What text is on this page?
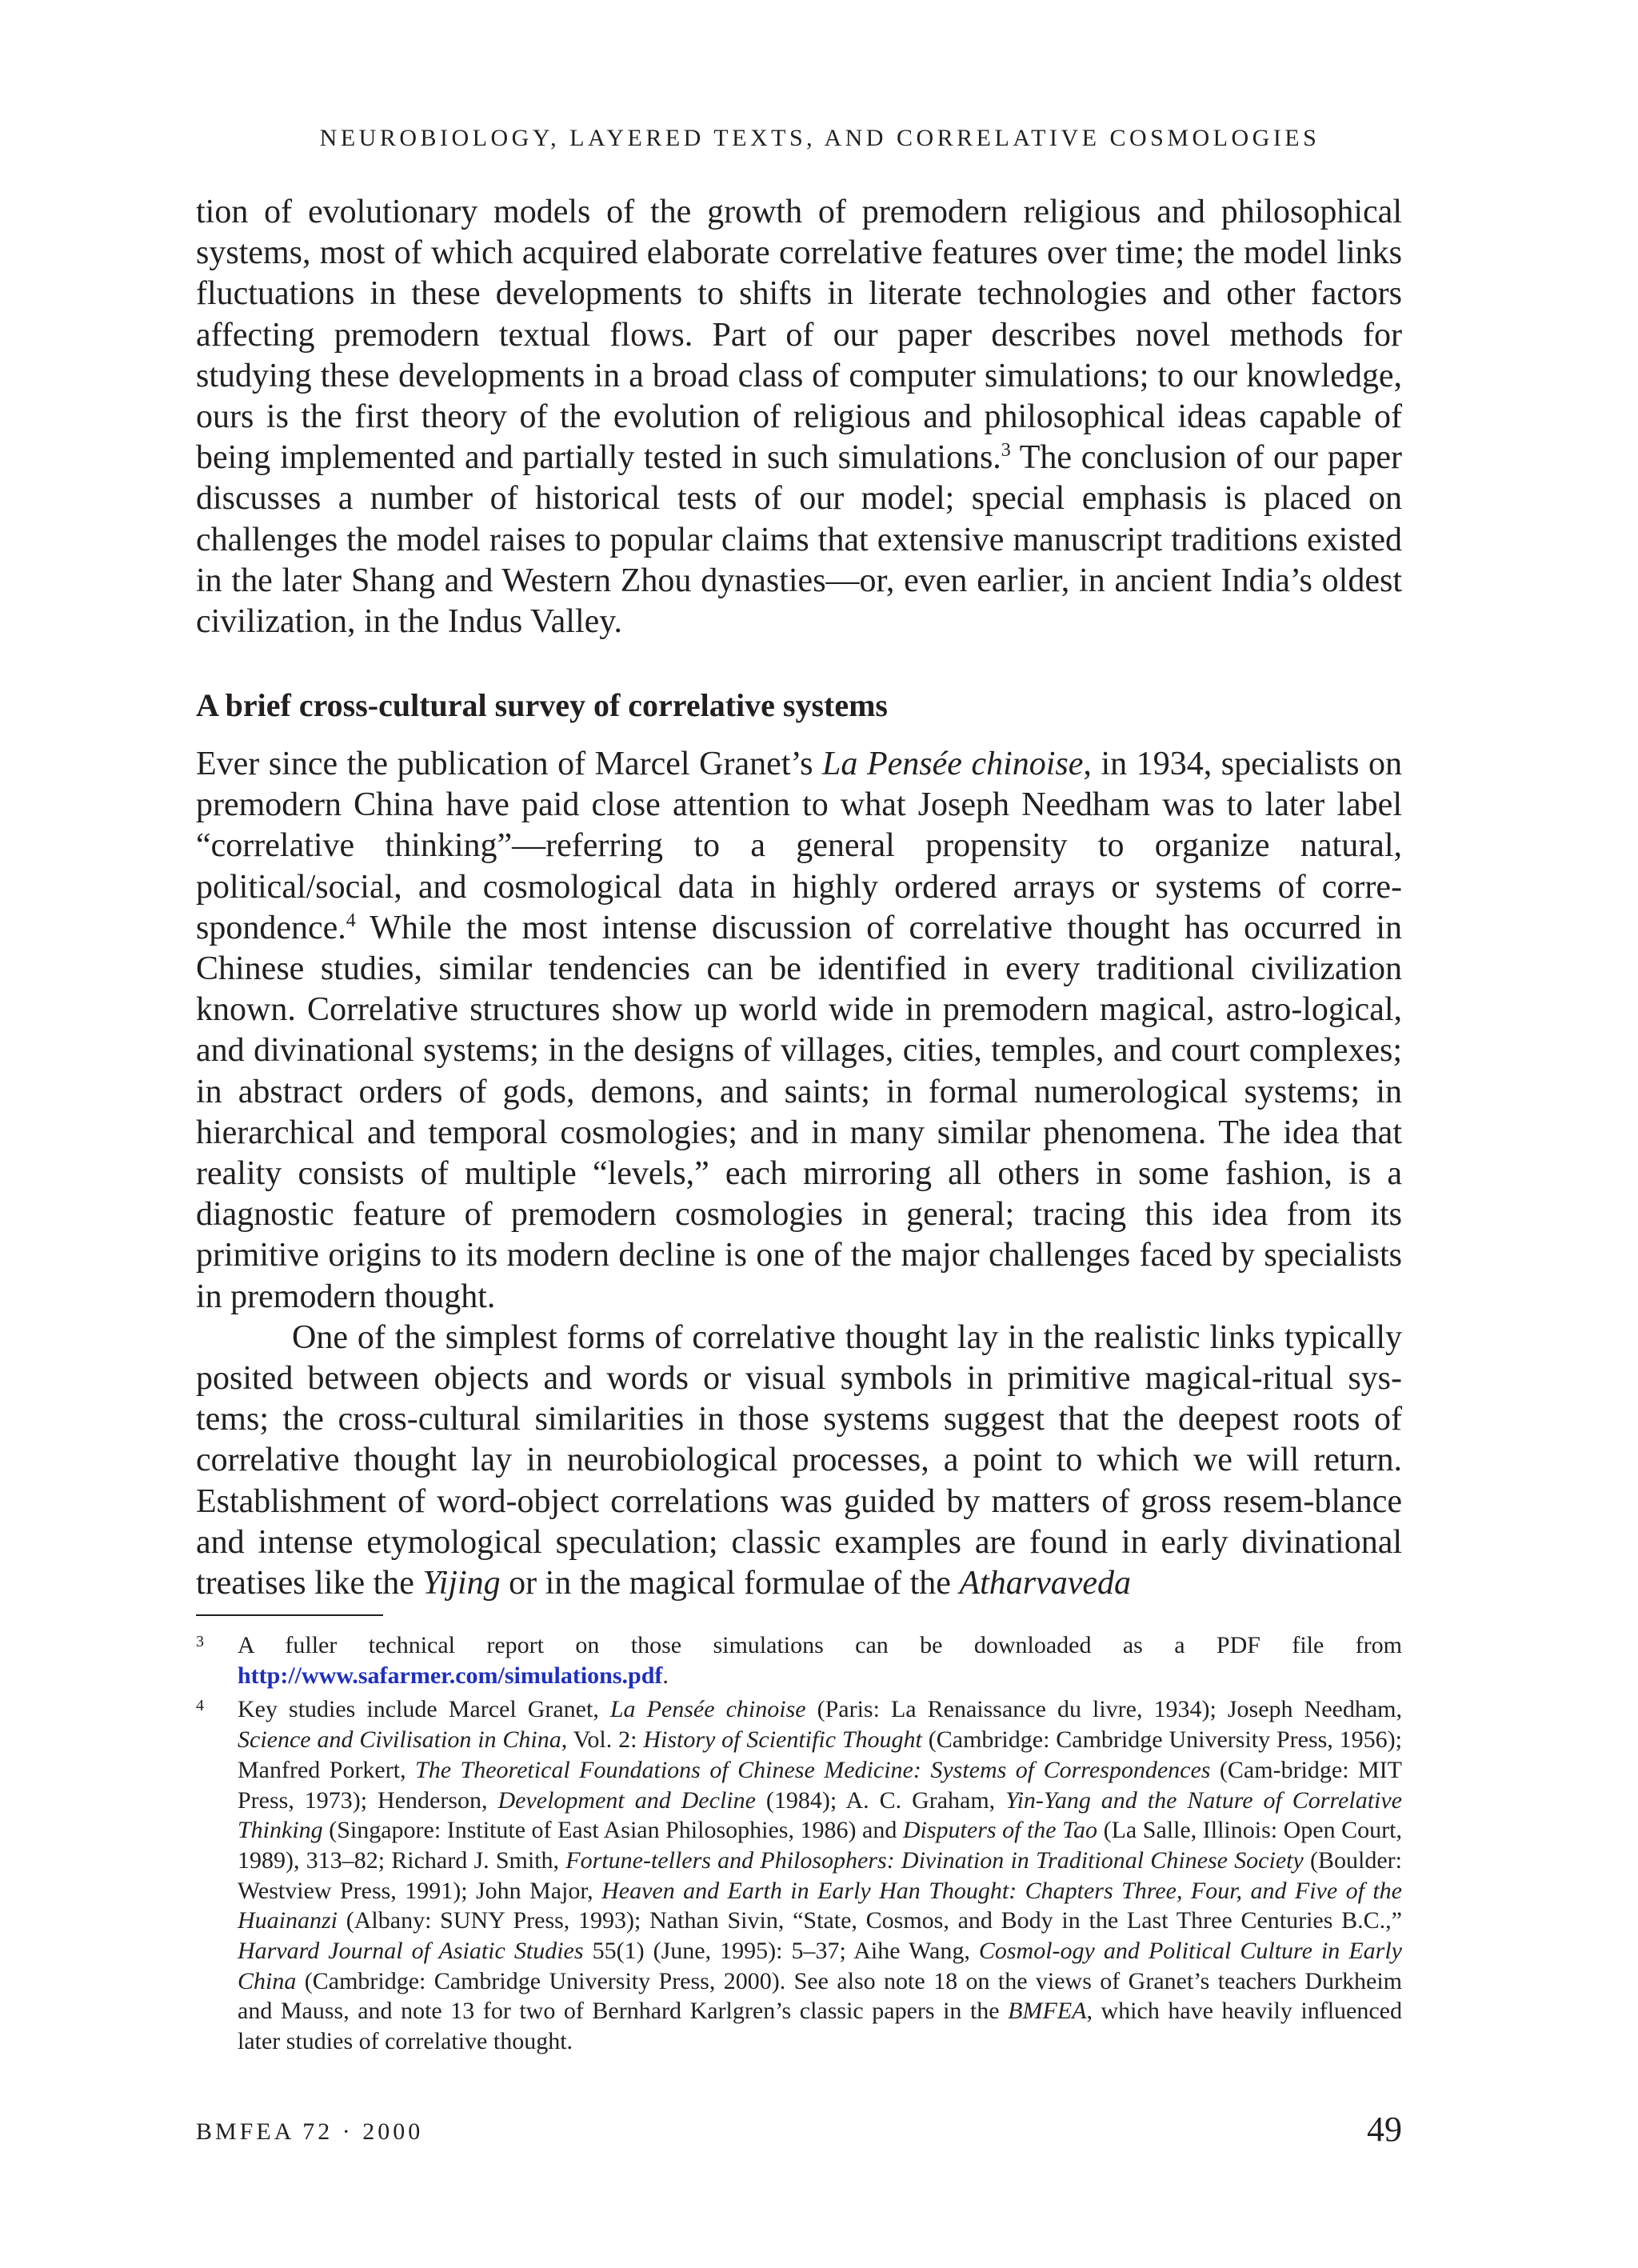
NEUROBIOLOGY, LAYERED TEXTS, AND CORRELATIVE COSMOLOGIES

tion of evolutionary models of the growth of premodern religious and philosophical systems, most of which acquired elaborate correlative features over time; the model links fluctuations in these developments to shifts in literate technologies and other factors affecting premodern textual flows. Part of our paper describes novel methods for studying these developments in a broad class of computer simulations; to our knowledge, ours is the first theory of the evolution of religious and philosophical ideas capable of being implemented and partially tested in such simulations.$^3$ The conclusion of our paper discusses a number of historical tests of our model; special emphasis is placed on challenges the model raises to popular claims that extensive manuscript traditions existed in the later Shang and Western Zhou dynasties—or, even earlier, in ancient India’s oldest civilization, in the Indus Valley.

A brief cross-cultural survey of correlative systems

Ever since the publication of Marcel Granet’s La Pensée chinoise, in 1934, specialists on premodern China have paid close attention to what Joseph Needham was to later label “correlative thinking”—referring to a general propensity to organize natural, political/social, and cosmological data in highly ordered arrays or systems of corre-spondence.$^4$ While the most intense discussion of correlative thought has occurred in Chinese studies, similar tendencies can be identified in every traditional civilization known. Correlative structures show up world wide in premodern magical, astro-logical, and divinational systems; in the designs of villages, cities, temples, and court complexes; in abstract orders of gods, demons, and saints; in formal numerological systems; in hierarchical and temporal cosmologies; and in many similar phenomena. The idea that reality consists of multiple “levels,” each mirroring all others in some fashion, is a diagnostic feature of premodern cosmologies in general; tracing this idea from its primitive origins to its modern decline is one of the major challenges faced by specialists in premodern thought.

One of the simplest forms of correlative thought lay in the realistic links typically posited between objects and words or visual symbols in primitive magical-ritual sys-tems; the cross-cultural similarities in those systems suggest that the deepest roots of correlative thought lay in neurobiological processes, a point to which we will return. Establishment of word-object correlations was guided by matters of gross resem-blance and intense etymological speculation; classic examples are found in early divinational treatises like the Yijing or in the magical formulae of the Atharvaveda

3 A fuller technical report on those simulations can be downloaded as a PDF file from http://www.safarmer.com/simulations.pdf.
4 Key studies include Marcel Granet, La Pensée chinoise (Paris: La Renaissance du livre, 1934); Joseph Needham, Science and Civilisation in China, Vol. 2: History of Scientific Thought (Cambridge: Cambridge University Press, 1956); Manfred Porkert, The Theoretical Foundations of Chinese Medicine: Systems of Correspondences (Cam-bridge: MIT Press, 1973); Henderson, Development and Decline (1984); A. C. Graham, Yin-Yang and the Nature of Correlative Thinking (Singapore: Institute of East Asian Philosophies, 1986) and Disputers of the Tao (La Salle, Illinois: Open Court, 1989), 313–82; Richard J. Smith, Fortune-tellers and Philosophers: Divination in Traditional Chinese Society (Boulder: Westview Press, 1991); John Major, Heaven and Earth in Early Han Thought: Chapters Three, Four, and Five of the Huainanzi (Albany: SUNY Press, 1993); Nathan Sivin, “State, Cosmos, and Body in the Last Three Centuries B.C.,” Harvard Journal of Asiatic Studies 55(1) (June, 1995): 5–37; Aihe Wang, Cosmol-ogy and Political Culture in Early China (Cambridge: Cambridge University Press, 2000). See also note 18 on the views of Granet’s teachers Durkheim and Mauss, and note 13 for two of Bernhard Karlgren’s classic papers in the BMFEA, which have heavily influenced later studies of correlative thought.
BMFEA 72 · 2000	49
